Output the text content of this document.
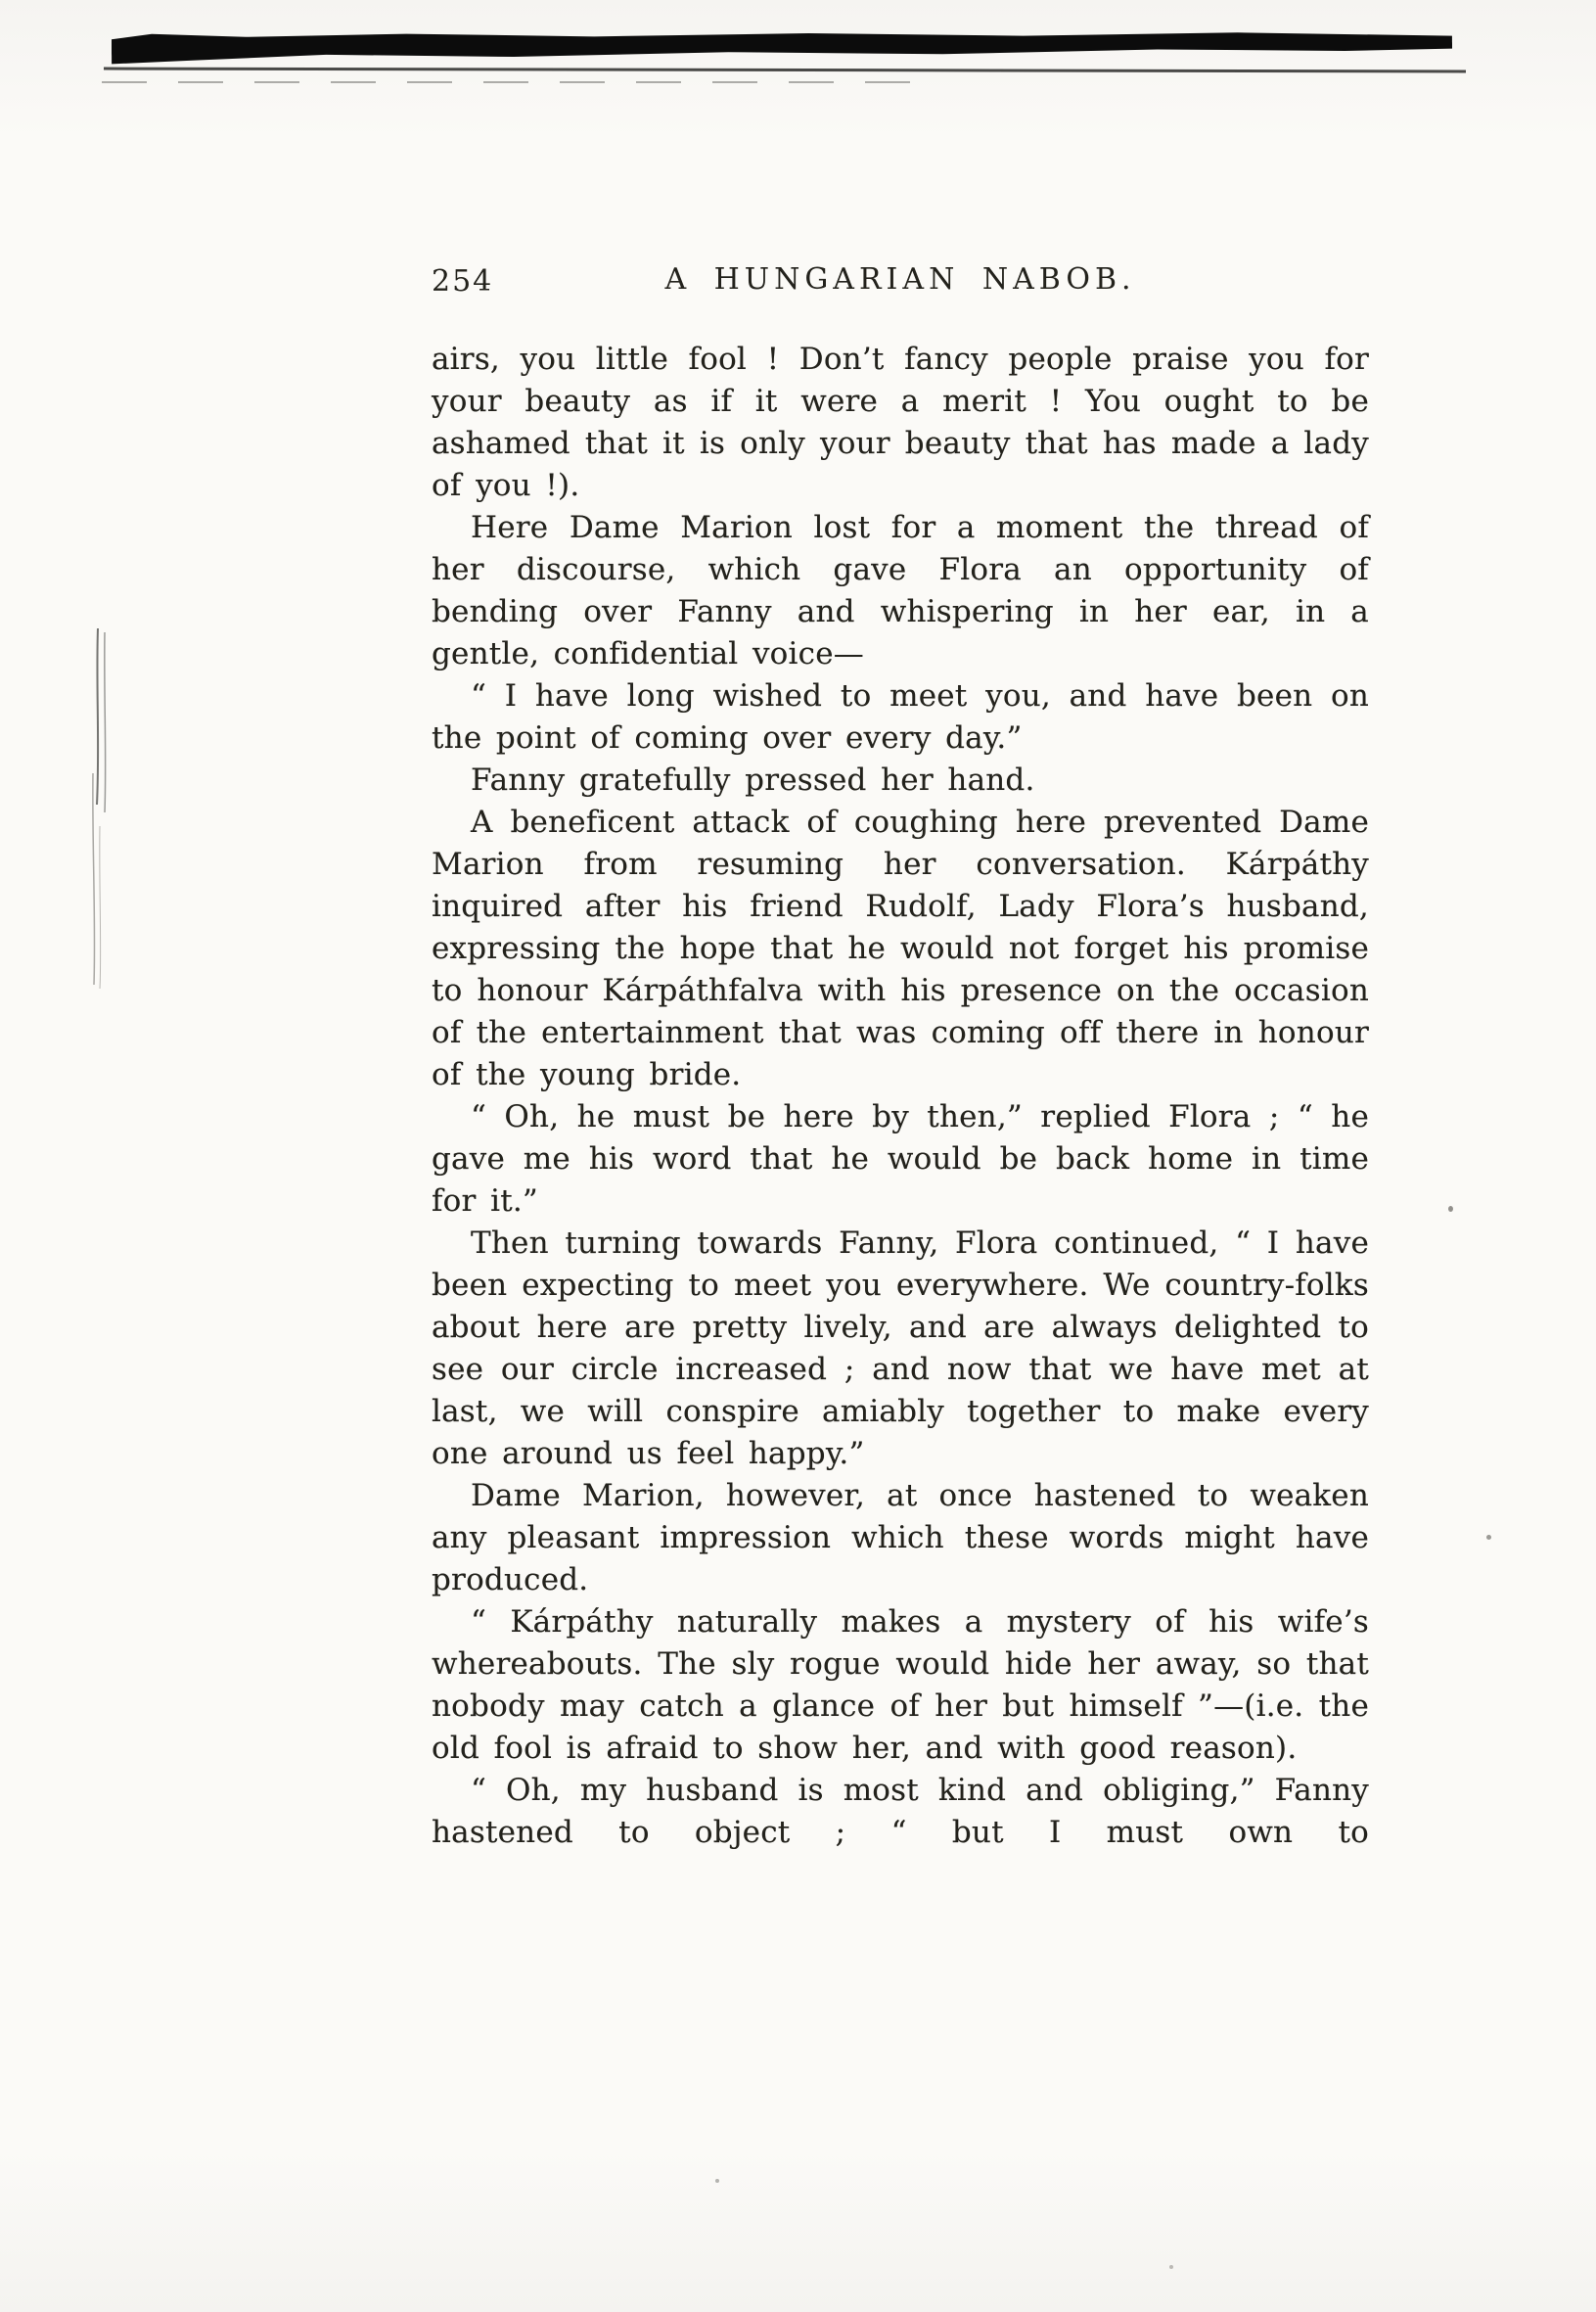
254	A HUNGARIAN NABOB.

airs, you little fool ! Don’t fancy people praise you for your beauty as if it were a merit ! You ought to be ashamed that it is only your beauty that has made a lady of you !).

Here Dame Marion lost for a moment the thread of her discourse, which gave Flora an opportunity of bending over Fanny and whispering in her ear, in a gentle, confidential voice—

“ I have long wished to meet you, and have been on the point of coming over every day.”

Fanny gratefully pressed her hand.

A beneficent attack of coughing here prevented Dame Marion from resuming her conversation. Kárpáthy inquired after his friend Rudolf, Lady Flora’s husband, expressing the hope that he would not forget his promise to honour Kárpáthfalva with his presence on the occasion of the entertainment that was coming off there in honour of the young bride.

“ Oh, he must be here by then,” replied Flora ; “ he gave me his word that he would be back home in time for it.”

Then turning towards Fanny, Flora continued, “ I have been expecting to meet you everywhere. We country-folks about here are pretty lively, and are always delighted to see our circle increased ; and now that we have met at last, we will conspire amiably together to make every one around us feel happy.”

Dame Marion, however, at once hastened to weaken any pleasant impression which these words might have produced.

“ Kárpáthy naturally makes a mystery of his wife’s whereabouts. The sly rogue would hide her away, so that nobody may catch a glance of her but himself ”—(i.e. the old fool is afraid to show her, and with good reason).

“ Oh, my husband is most kind and obliging,” Fanny hastened to object ; “ but I must own to
